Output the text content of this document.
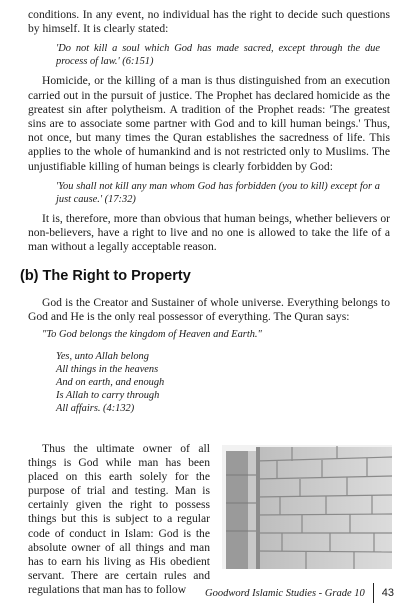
conditions. In any event, no individual has the right to decide such questions by himself. It is clearly stated:

'Do not kill a soul which God has made sacred, except through the due process of law.' (6:151)

Homicide, or the killing of a man is thus distinguished from an execution carried out in the pursuit of justice. The Prophet has declared homicide as the greatest sin after polytheism. A tradition of the Prophet reads: 'The greatest sins are to associate some partner with God and to kill human beings.' Thus, not once, but many times the Quran establishes the sacredness of life. This applies to the whole of humankind and is not restricted only to Muslims. The unjustifiable killing of human beings is clearly forbidden by God:

'You shall not kill any man whom God has forbidden (you to kill) except for a just cause.' (17:32)

It is, therefore, more than obvious that human beings, whether believers or non-believers, have a right to live and no one is allowed to take the life of a man without a legally acceptable reason.

(b) The Right to Property

God is the Creator and Sustainer of whole universe. Everything belongs to God and He is the only real possessor of everything. The Quran says:

"To God belongs the kingdom of Heaven and Earth."

Yes, unto Allah belong
All things in the heavens
And on earth, and enough
Is Allah to carry through
All affairs. (4:132)

Thus the ultimate owner of all things is God while man has been placed on this earth solely for the purpose of trial and testing. Man is certainly given the right to possess things but this is subject to a regular code of conduct in Islam: God is the absolute owner of all things and man has to earn his living as His obedient servant. There are certain rules and regulations that man has to follow	Goodword Islamic Studies - Grade 10 43
